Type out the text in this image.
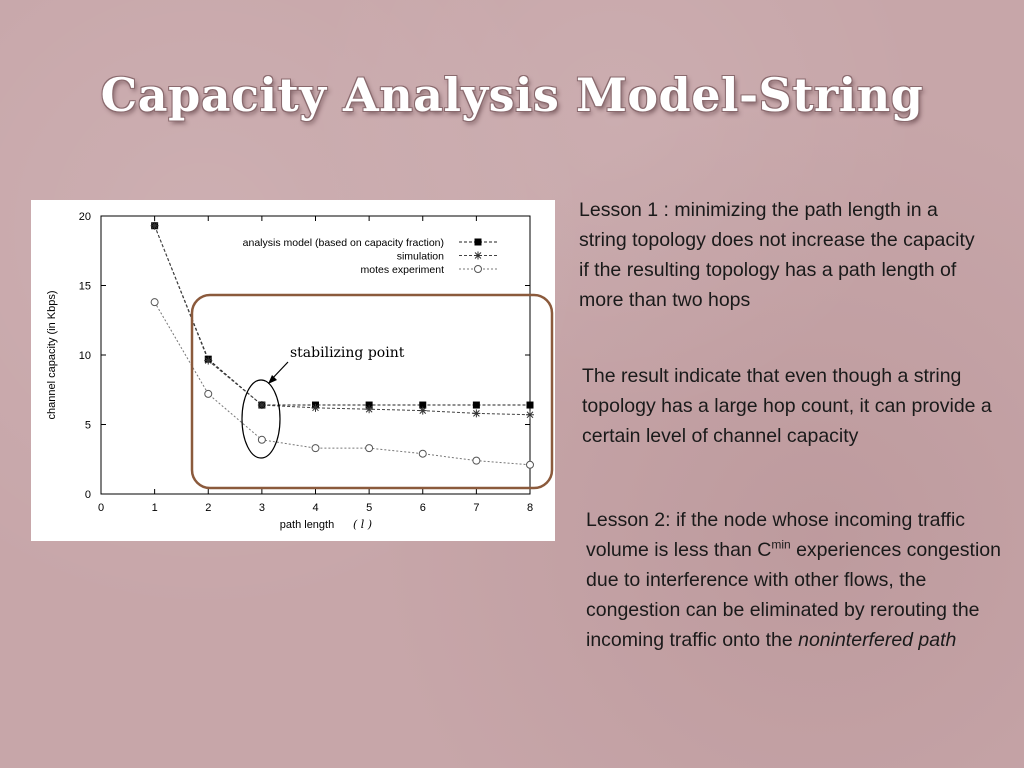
Capacity Analysis Model-String
0	1	2	3	4	5	6	7	8
0
5
10
15
20
analysis model (based on capacity fraction)
simulation
motes experiment
stabilizing point
path length ( l )
channel capacity (in Kbps)
Lesson 1 : minimizing the path length in a string topology does not increase the capacity if the resulting topology has a path length of more than two hops
The result indicate that even though a string topology has a large hop count, it can provide a certain level of channel capacity
Lesson 2: if the node whose incoming traffic volume is less than $C^{min}$ experiences congestion due to interference with other flows, the congestion can be eliminated by rerouting the incoming traffic onto the noninterfered path
